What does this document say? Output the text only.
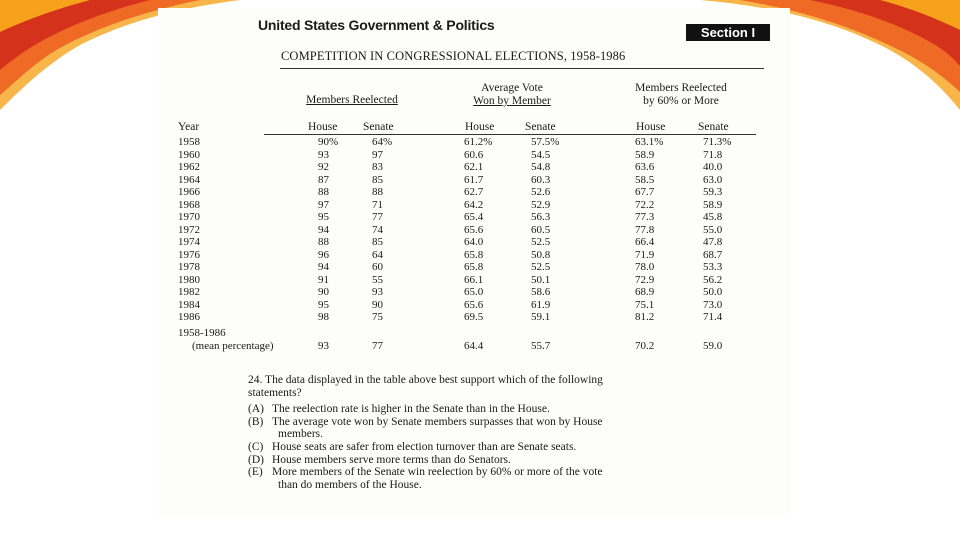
United States Government & Politics	Section I
COMPETITION IN CONGRESSIONAL ELECTIONS, 1958-1986
Members Reelected
Average Vote
Won by Member
Members Reelected
by 60% or More
Year	House Senate	House	Senate	House	Senate
1958	90%	64%	61.2%	57.5%	63.1%	71.3%
1960	93	97	60.6	54.5	58.9	71.8
1962	92	83	62.1	54.8	63.6	40.0
1964	87	85	61.7	60.3	58.5	63.0
1966	88	88	62.7	52.6	67.7	59.3
1968	97	71	64.2	52.9	72.2	58.9
1970	95	77	65.4	56.3	77.3	45.8
1972	94	74	65.6	60.5	77.8	55.0
1974	88	85	64.0	52.5	66.4	47.8
1976	96	64	65.8	50.8	71.9	68.7
1978	94	60	65.8	52.5	78.0	53.3
1980	91	55	66.1	50.1	72.9	56.2
1982	90	93	65.0	58.6	68.9	50.0
1984	95	90	65.6	61.9	75.1	73.0
1986	98	75	69.5	59.1	81.2	71.4
1958-1986
(mean percentage)	93	77	64.4	55.7	70.2	59.0
24. The data displayed in the table above best support which of the following statements?
(A) The reelection rate is higher in the Senate than in the House.
(B) The average vote won by Senate members surpasses that won by House members.
(C) House seats are safer from election turnover than are Senate seats.
(D) House members serve more terms than do Senators.
(E) More members of the Senate win reelection by 60% or more of the vote than do members of the House.
